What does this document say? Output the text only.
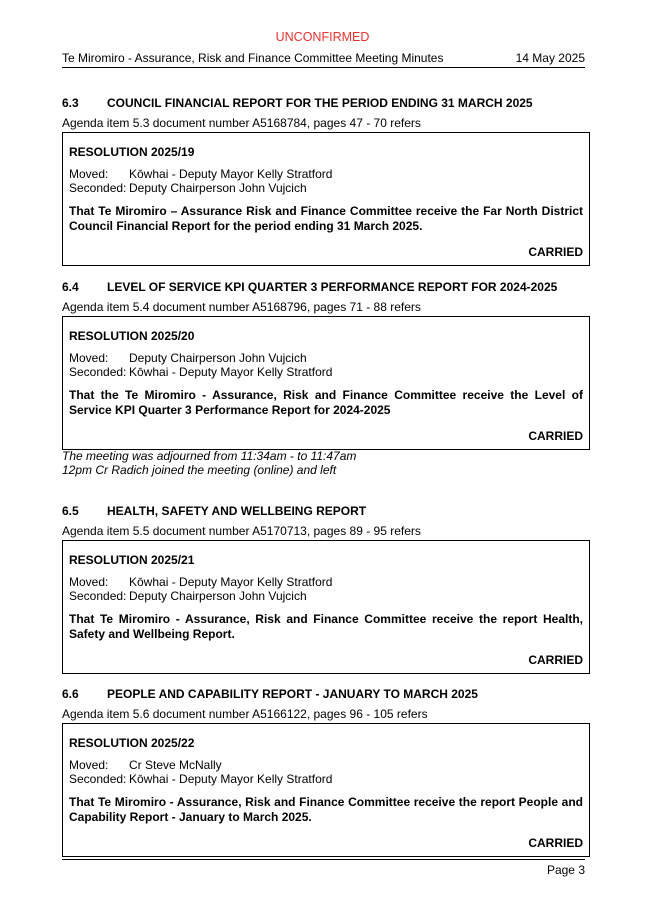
UNCONFIRMED
Te Miromiro - Assurance, Risk and Finance Committee Meeting Minutes	14 May 2025
6.3 COUNCIL FINANCIAL REPORT FOR THE PERIOD ENDING 31 MARCH 2025
Agenda item 5.3 document number A5168784, pages 47 - 70 refers
RESOLUTION 2025/19
Moved:	Kōwhai - Deputy Mayor Kelly Stratford
Seconded: Deputy Chairperson John Vujcich
That Te Miromiro – Assurance Risk and Finance Committee receive the Far North District Council Financial Report for the period ending 31 March 2025.
CARRIED
6.4 LEVEL OF SERVICE KPI QUARTER 3 PERFORMANCE REPORT FOR 2024-2025
Agenda item 5.4 document number A5168796, pages 71 - 88 refers
RESOLUTION 2025/20
Moved:	Deputy Chairperson John Vujcich
Seconded: Kōwhai - Deputy Mayor Kelly Stratford
That the Te Miromiro - Assurance, Risk and Finance Committee receive the Level of Service KPI Quarter 3 Performance Report for 2024-2025
CARRIED
The meeting was adjourned from 11:34am - to 11:47am
12pm Cr Radich joined the meeting (online) and left
6.5 HEALTH, SAFETY AND WELLBEING REPORT
Agenda item 5.5 document number A5170713, pages 89 - 95 refers
RESOLUTION 2025/21
Moved:	Kōwhai - Deputy Mayor Kelly Stratford
Seconded: Deputy Chairperson John Vujcich
That Te Miromiro - Assurance, Risk and Finance Committee receive the report Health, Safety and Wellbeing Report.
CARRIED
6.6 PEOPLE AND CAPABILITY REPORT - JANUARY TO MARCH 2025
Agenda item 5.6 document number A5166122, pages 96 - 105 refers
RESOLUTION 2025/22
Moved:	Cr Steve McNally
Seconded: Kōwhai - Deputy Mayor Kelly Stratford
That Te Miromiro - Assurance, Risk and Finance Committee receive the report People and Capability Report - January to March 2025.
CARRIED
Page 3
